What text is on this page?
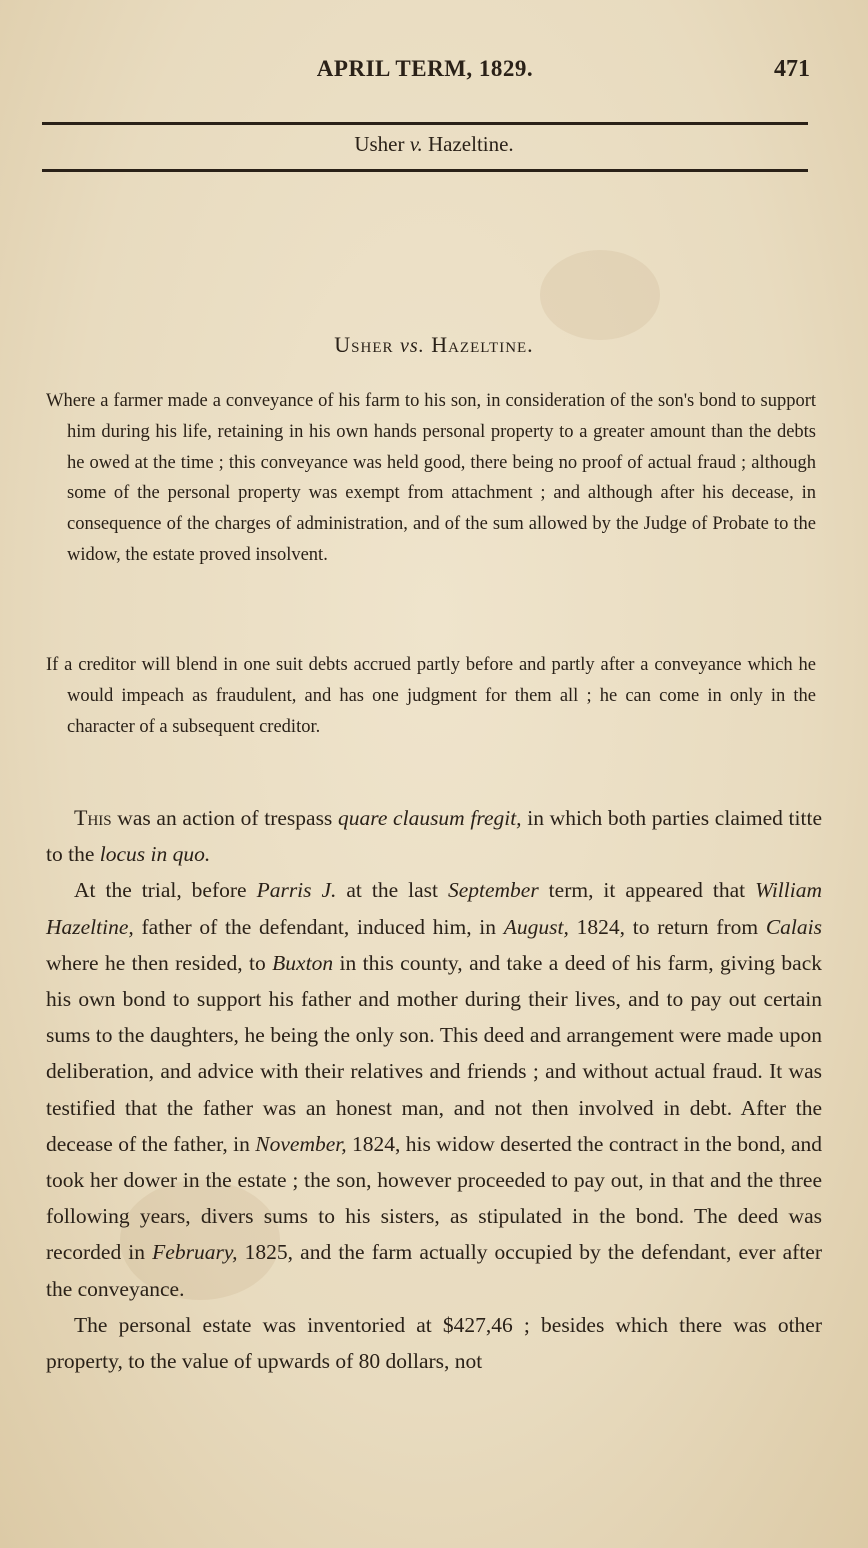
APRIL TERM, 1829.	471
Usher v. Hazeltine.
Usher vs. Hazeltine.

Where a farmer made a conveyance of his farm to his son, in consideration of the son's bond to support him during his life, retaining in his own hands personal property to a greater amount than the debts he owed at the time ; this conveyance was held good, there being no proof of actual fraud ; although some of the personal property was exempt from attachment ; and although after his decease, in consequence of the charges of administration, and of the sum allowed by the Judge of Probate to the widow, the estate proved insolvent.

If a creditor will blend in one suit debts accrued partly before and partly after a conveyance which he would impeach as fraudulent, and has one judgment for them all ; he can come in only in the character of a subsequent creditor.

This was an action of trespass quare clausum fregit, in which both parties claimed titte to the locus in quo.

At the trial, before Parris J. at the last September term, it appeared that William Hazeltine, father of the defendant, induced him, in August, 1824, to return from Calais where he then resided, to Buxton in this county, and take a deed of his farm, giving back his own bond to support his father and mother during their lives, and to pay out certain sums to the daughters, he being the only son. This deed and arrangement were made upon deliberation, and advice with their relatives and friends ; and without actual fraud. It was testified that the father was an honest man, and not then involved in debt. After the decease of the father, in November, 1824, his widow deserted the contract in the bond, and took her dower in the estate ; the son, however proceeded to pay out, in that and the three following years, divers sums to his sisters, as stipulated in the bond. The deed was recorded in February, 1825, and the farm actually occupied by the defendant, ever after the conveyance.

The personal estate was inventoried at $427,46 ; besides which there was other property, to the value of upwards of 80 dollars, not
